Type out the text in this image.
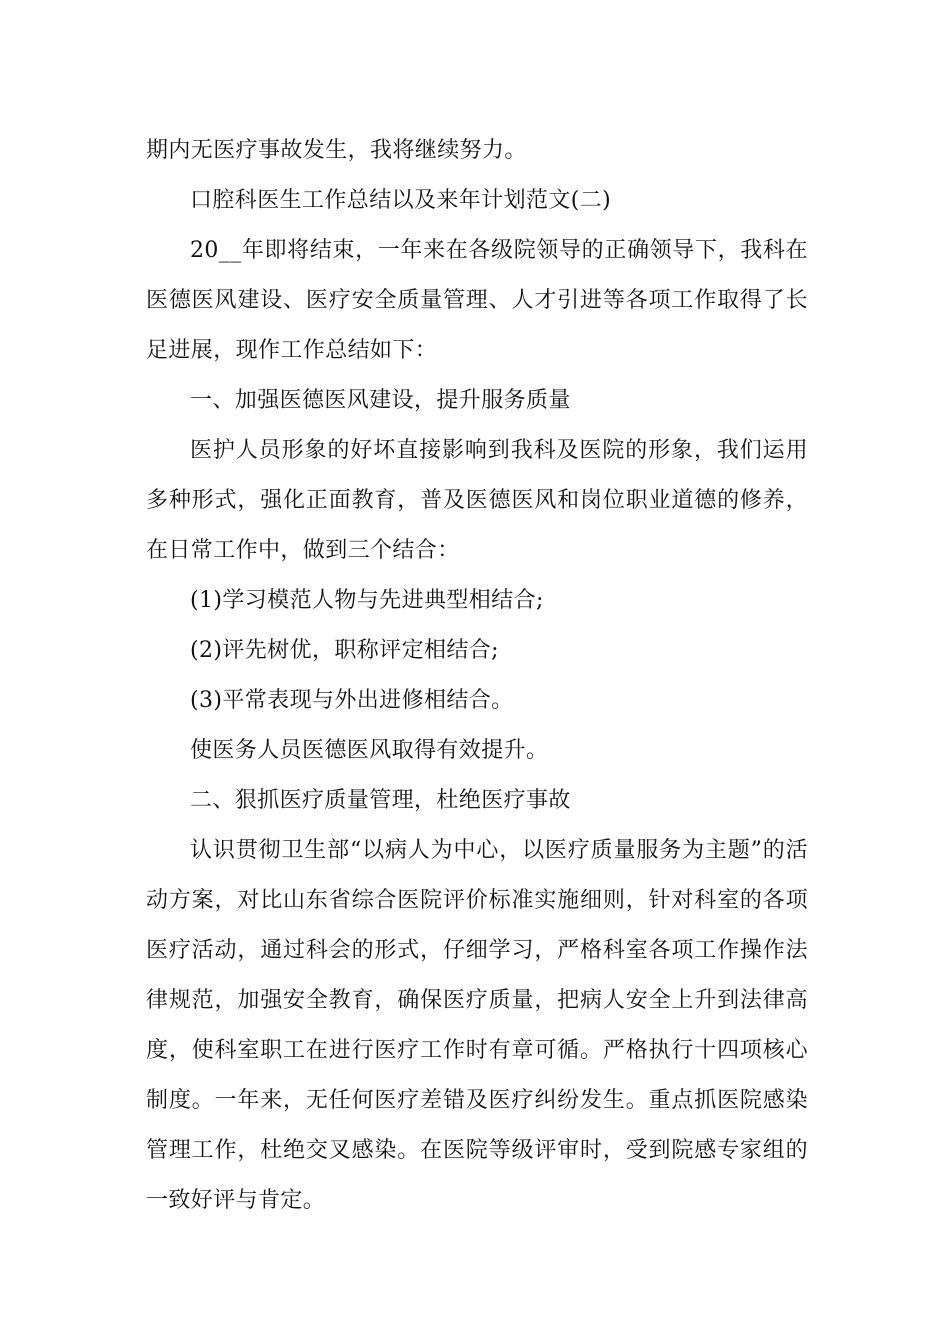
期内无医疗事故发生，我将继续努力。

口腔科医生工作总结以及来年计划范文(二)

20__年即将结束，一年来在各级院领导的正确领导下，我科在医德医风建设、医疗安全质量管理、人才引进等各项工作取得了长足进展，现作工作总结如下：

一、加强医德医风建设，提升服务质量

医护人员形象的好坏直接影响到我科及医院的形象，我们运用多种形式，强化正面教育，普及医德医风和岗位职业道德的修养，在日常工作中，做到三个结合：

(1)学习模范人物与先进典型相结合;

(2)评先树优，职称评定相结合;

(3)平常表现与外出进修相结合。

使医务人员医德医风取得有效提升。

二、狠抓医疗质量管理，杜绝医疗事故

认识贯彻卫生部“以病人为中心，以医疗质量服务为主题”的活动方案，对比山东省综合医院评价标准实施细则，针对科室的各项医疗活动，通过科会的形式，仔细学习，严格科室各项工作操作法律规范，加强安全教育，确保医疗质量，把病人安全上升到法律高度，使科室职工在进行医疗工作时有章可循。严格执行十四项核心制度。一年来，无任何医疗差错及医疗纠纷发生。重点抓医院感染管理工作，杜绝交叉感染。在医院等级评审时，受到院感专家组的一致好评与肯定。
